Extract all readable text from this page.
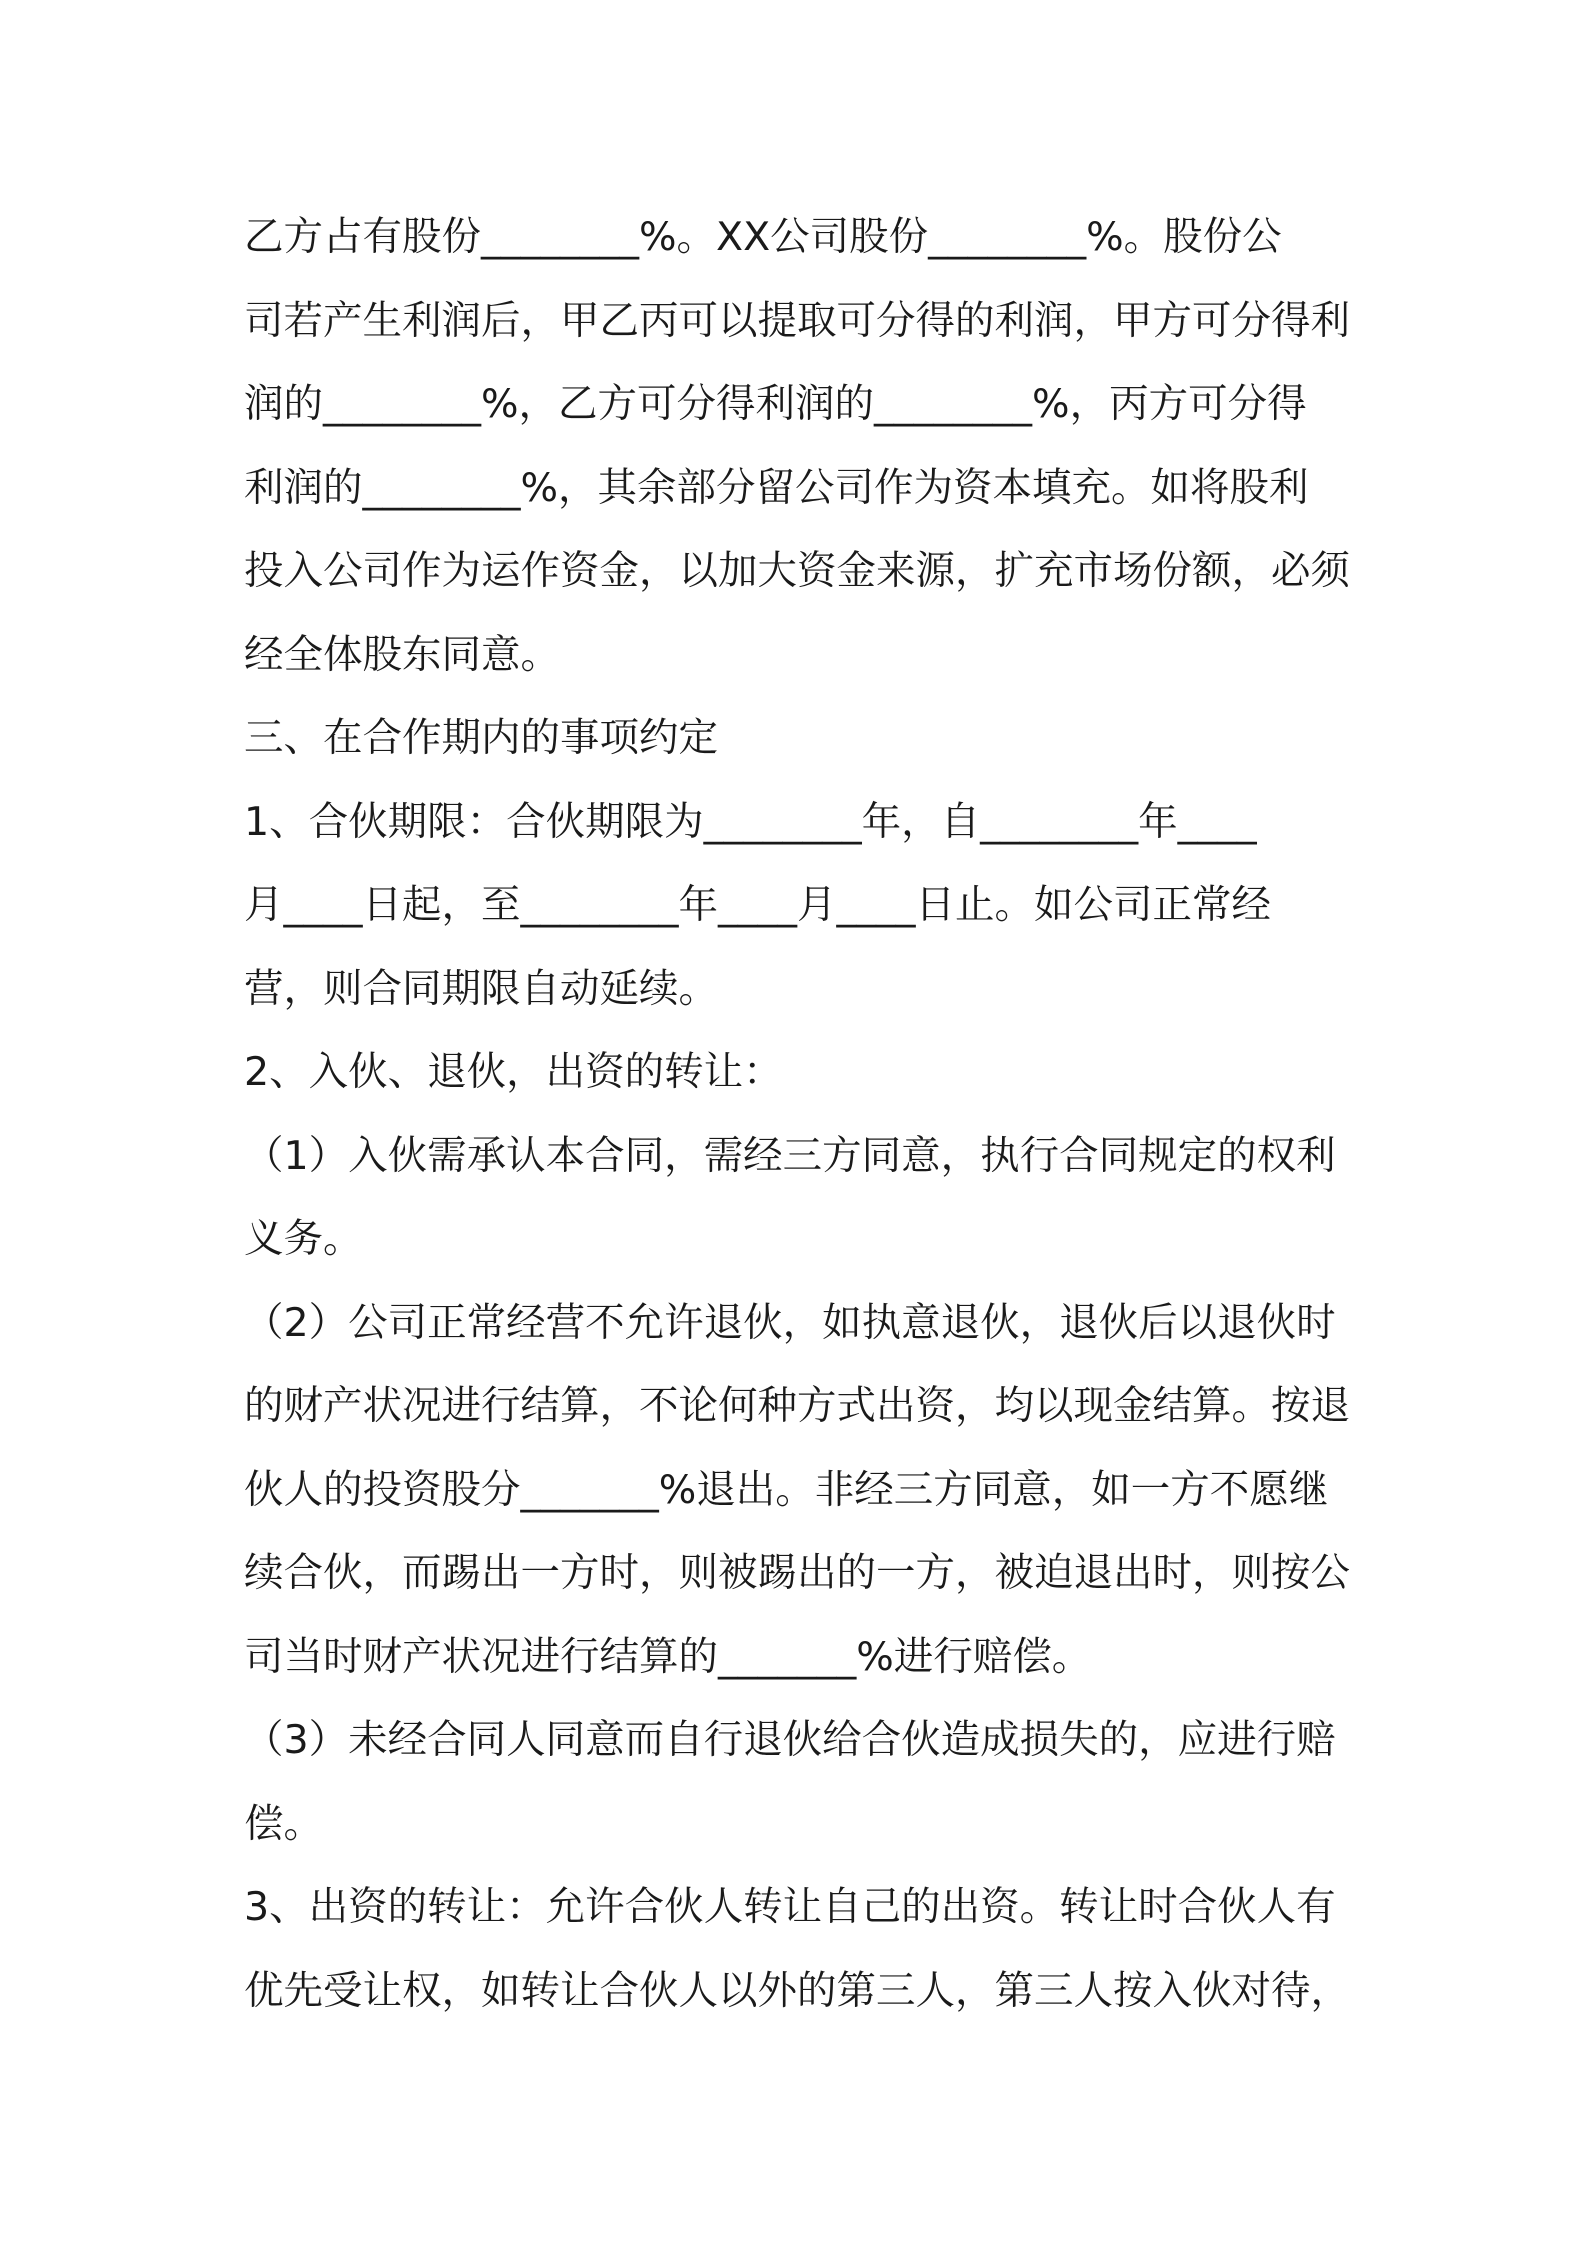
乙方占有股份________%。XX公司股份________%。股份公
司若产生利润后，甲乙丙可以提取可分得的利润，甲方可分得利
润的________%，乙方可分得利润的________%，丙方可分得
利润的________%，其余部分留公司作为资本填充。如将股利
投入公司作为运作资金，以加大资金来源，扩充市场份额，必须
经全体股东同意。
三、在合作期内的事项约定
1、合伙期限：合伙期限为________年，自________年____
月____日起，至________年____月____日止。如公司正常经
营，则合同期限自动延续。
2、入伙、退伙，出资的转让：
（1）入伙需承认本合同，需经三方同意，执行合同规定的权利
义务。
（2）公司正常经营不允许退伙，如执意退伙，退伙后以退伙时
的财产状况进行结算，不论何种方式出资，均以现金结算。按退
伙人的投资股分_______%退出。非经三方同意，如一方不愿继
续合伙，而踢出一方时，则被踢出的一方，被迫退出时，则按公
司当时财产状况进行结算的_______%进行赔偿。
（3）未经合同人同意而自行退伙给合伙造成损失的，应进行赔
偿。
3、出资的转让：允许合伙人转让自己的出资。转让时合伙人有
优先受让权，如转让合伙人以外的第三人，第三人按入伙对待，
